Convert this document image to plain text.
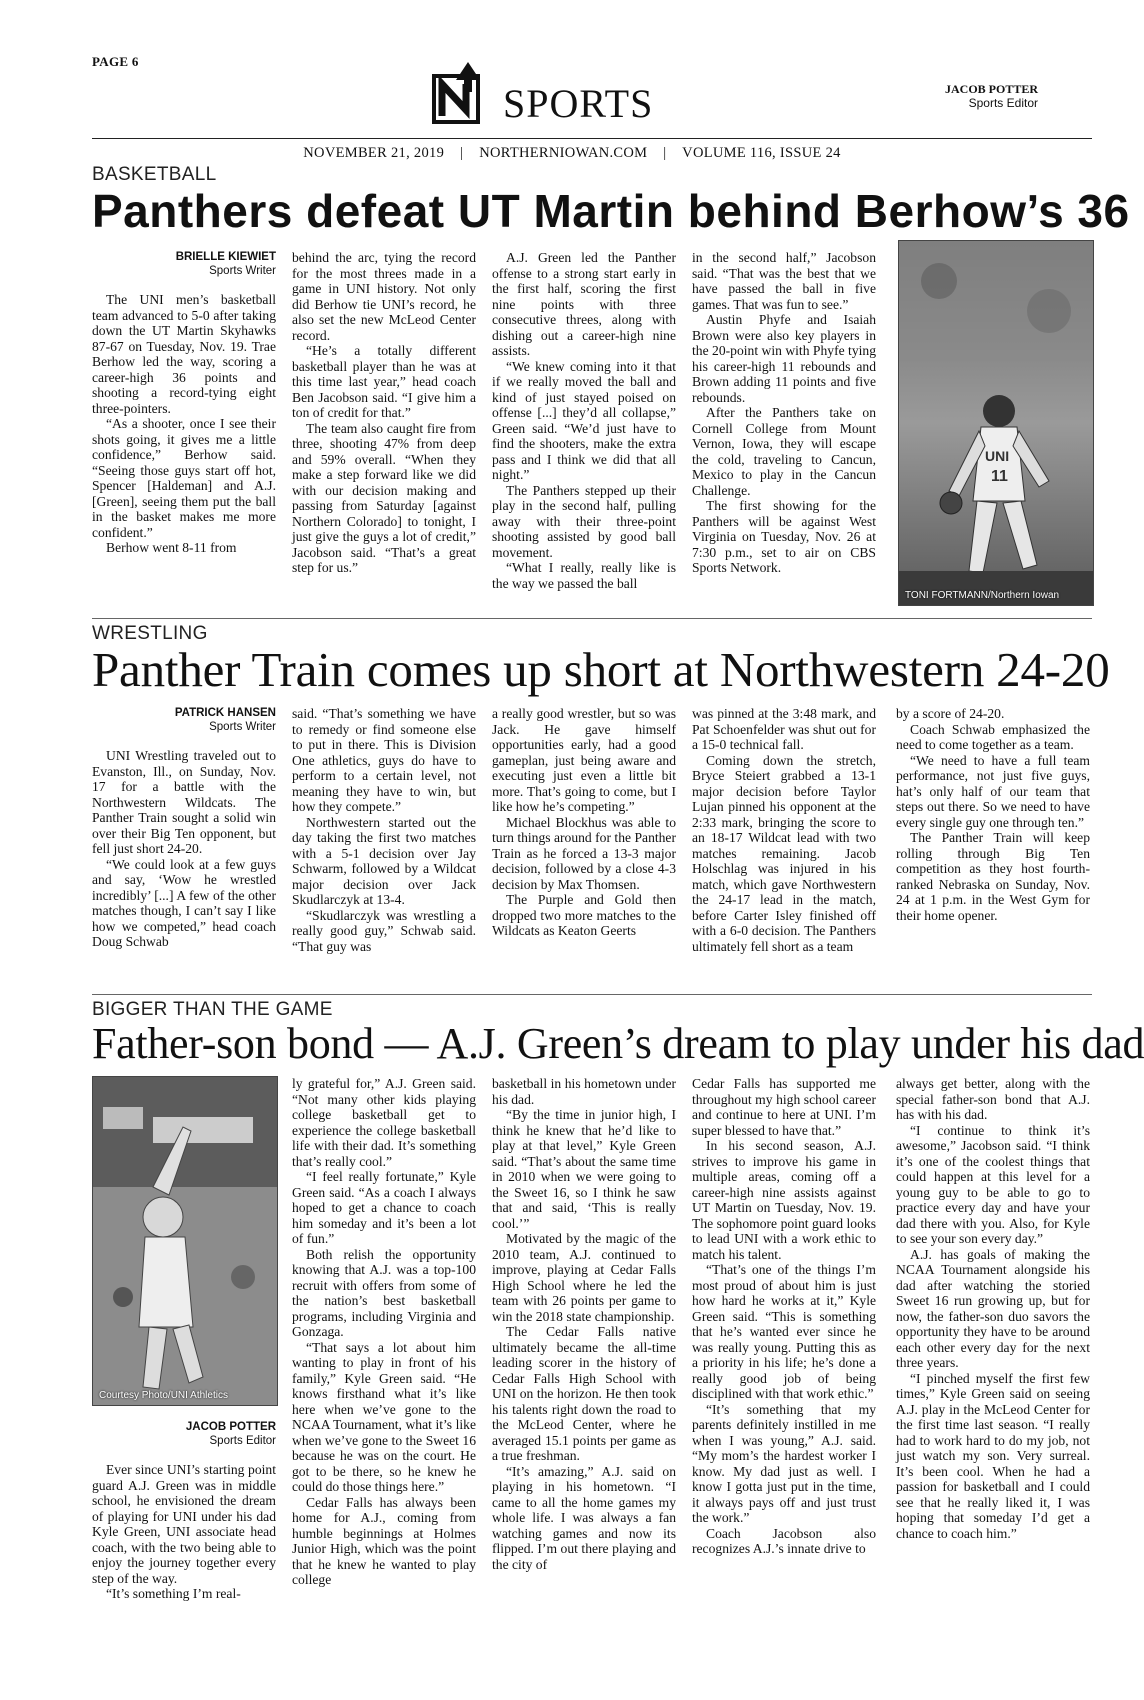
PAGE 6
SPORTS	JACOB POTTER
Sports Editor
NOVEMBER 21, 2019 | NORTHERNIOWAN.COM | VOLUME 116, ISSUE 24
BASKETBALL
Panthers defeat UT Martin behind Berhow’s 36
BRIELLE KIEWIET
Sports Writer

The UNI men’s basketball team advanced to 5-0 after taking down the UT Martin Skyhawks 87-67 on Tuesday, Nov. 19. Trae Berhow led the way, scoring a career-high 36 points and shooting a record-tying eight three-pointers.

“As a shooter, once I see their shots going, it gives me a little confidence,” Berhow said. “Seeing those guys start off hot, Spencer [Haldeman] and A.J. [Green], seeing them put the ball in the basket makes me more confident.”

Berhow went 8-11 from

behind the arc, tying the record for the most threes made in a game in UNI history. Not only did Berhow tie UNI’s record, he also set the new McLeod Center record.

“He’s a totally different basketball player than he was at this time last year,” head coach Ben Jacobson said. “I give him a ton of credit for that.”

The team also caught fire from three, shooting 47% from deep and 59% overall. “When they make a step forward like we did with our decision making and passing from Saturday [against Northern Colorado] to tonight, I just give the guys a lot of credit,” Jacobson said. “That’s a great step for us.”

A.J. Green led the Panther offense to a strong start early in the first half, scoring the first nine points with three consecutive threes, along with dishing out a career-high nine assists.

“We knew coming into it that if we really moved the ball and kind of just stayed poised on offense [...] they’d all collapse,” Green said. “We’d just have to find the shooters, make the extra pass and I think we did that all night.”

The Panthers stepped up their play in the second half, pulling away with their three-point shooting assisted by good ball movement.

“What I really, really like is the way we passed the ball

in the second half,” Jacobson said. “That was the best that we have passed the ball in five games. That was fun to see.”

Austin Phyfe and Isaiah Brown were also key players in the 20-point win with Phyfe tying his career-high 11 rebounds and Brown adding 11 points and five rebounds.

After the Panthers take on Cornell College from Mount Vernon, Iowa, they will escape the cold, traveling to Cancun, Mexico to play in the Cancun Challenge.

The first showing for the Panthers will be against West Virginia on Tuesday, Nov. 26 at 7:30 p.m., set to air on CBS Sports Network.

UNI
11
TONI FORTMANN/Northern Iowan
WRESTLING
Panther Train comes up short at Northwestern 24-20
PATRICK HANSEN
Sports Writer

UNI Wrestling traveled out to Evanston, Ill., on Sunday, Nov. 17 for a battle with the Northwestern Wildcats. The Panther Train sought a solid win over their Big Ten opponent, but fell just short 24-20.

“We could look at a few guys and say, ‘Wow he wrestled incredibly’ [...] A few of the other matches though, I can’t say I like how we competed,” head coach Doug Schwab

said. “That’s something we have to remedy or find someone else to put in there. This is Division One athletics, guys do have to perform to a certain level, not meaning they have to win, but how they compete.”

Northwestern started out the day taking the first two matches with a 5-1 decision over Jay Schwarm, followed by a Wildcat major decision over Jack Skudlarczyk at 13-4.

“Skudlarczyk was wrestling a really good guy,” Schwab said. “That guy was

a really good wrestler, but so was Jack. He gave himself opportunities early, had a good gameplan, just being aware and executing just even a little bit more. That’s going to come, but I like how he’s competing.”

Michael Blockhus was able to turn things around for the Panther Train as he forced a 13-3 major decision, followed by a close 4-3 decision by Max Thomsen.

The Purple and Gold then dropped two more matches to the Wildcats as Keaton Geerts

was pinned at the 3:48 mark, and Pat Schoenfelder was shut out for a 15-0 technical fall.

Coming down the stretch, Bryce Steiert grabbed a 13-1 major decision before Taylor Lujan pinned his opponent at the 2:33 mark, bringing the score to an 18-17 Wildcat lead with two matches remaining. Jacob Holschlag was injured in his match, which gave Northwestern the 24-17 lead in the match, before Carter Isley finished off with a 6-0 decision. The Panthers ultimately fell short as a team

by a score of 24-20.

Coach Schwab emphasized the need to come together as a team.

“We need to have a full team performance, not just five guys, hat’s only half of our team that steps out there. So we need to have every single guy one through ten.”

The Panther Train will keep rolling through Big Ten competition as they host fourth-ranked Nebraska on Sunday, Nov. 24 at 1 p.m. in the West Gym for their home opener.

BIGGER THAN THE GAME
Father-son bond — A.J. Green’s dream to play under his dad
Courtesy Photo/UNI Athletics
JACOB POTTER
Sports Editor

Ever since UNI’s starting point guard A.J. Green was in middle school, he envisioned the dream of playing for UNI under his dad Kyle Green, UNI associate head coach, with the two being able to enjoy the journey together every step of the way.

“It’s something I’m real-

ly grateful for,” A.J. Green said. “Not many other kids playing college basketball get to experience the college basketball life with their dad. It’s something that’s really cool.”

“I feel really fortunate,” Kyle Green said. “As a coach I always hoped to get a chance to coach him someday and it’s been a lot of fun.”

Both relish the opportunity knowing that A.J. was a top-100 recruit with offers from some of the nation’s best basketball programs, including Virginia and Gonzaga.

“That says a lot about him wanting to play in front of his family,” Kyle Green said. “He knows firsthand what it’s like here when we’ve gone to the NCAA Tournament, what it’s like when we’ve gone to the Sweet 16 because he was on the court. He got to be there, so he knew he could do those things here.”

Cedar Falls has always been home for A.J., coming from humble beginnings at Holmes Junior High, which was the point that he knew he wanted to play college

basketball in his hometown under his dad.

“By the time in junior high, I think he knew that he’d like to play at that level,” Kyle Green said. “That’s about the same time in 2010 when we were going to the Sweet 16, so I think he saw that and said, ‘This is really cool.’”

Motivated by the magic of the 2010 team, A.J. continued to improve, playing at Cedar Falls High School where he led the team with 26 points per game to win the 2018 state championship.

The Cedar Falls native ultimately became the all-time leading scorer in the history of Cedar Falls High School with UNI on the horizon. He then took his talents right down the road to the McLeod Center, where he averaged 15.1 points per game as a true freshman.

“It’s amazing,” A.J. said on playing in his hometown. “I came to all the home games my whole life. I was always a fan watching games and now its flipped. I’m out there playing and the city of

Cedar Falls has supported me throughout my high school career and continue to here at UNI. I’m super blessed to have that.”

In his second season, A.J. strives to improve his game in multiple areas, coming off a career-high nine assists against UT Martin on Tuesday, Nov. 19. The sophomore point guard looks to lead UNI with a work ethic to match his talent.

“That’s one of the things I’m most proud of about him is just how hard he works at it,” Kyle Green said. “This is something that he’s wanted ever since he was really young. Putting this as a priority in his life; he’s done a really good job of being disciplined with that work ethic.”

“It’s something that my parents definitely instilled in me when I was young,” A.J. said. “My mom’s the hardest worker I know. My dad just as well. I know I gotta just put in the time, it always pays off and just trust the work.”

Coach Jacobson also recognizes A.J.’s innate drive to

always get better, along with the special father-son bond that A.J. has with his dad.

“I continue to think it’s awesome,” Jacobson said. “I think it’s one of the coolest things that could happen at this level for a young guy to be able to go to practice every day and have your dad there with you. Also, for Kyle to see your son every day.”

A.J. has goals of making the NCAA Tournament alongside his dad after watching the storied Sweet 16 run growing up, but for now, the father-son duo savors the opportunity they have to be around each other every day for the next three years.

“I pinched myself the first few times,” Kyle Green said on seeing A.J. play in the McLeod Center for the first time last season. “I really had to work hard to do my job, not just watch my son. Very surreal. It’s been cool. When he had a passion for basketball and I could see that he really liked it, I was hoping that someday I’d get a chance to coach him.”
